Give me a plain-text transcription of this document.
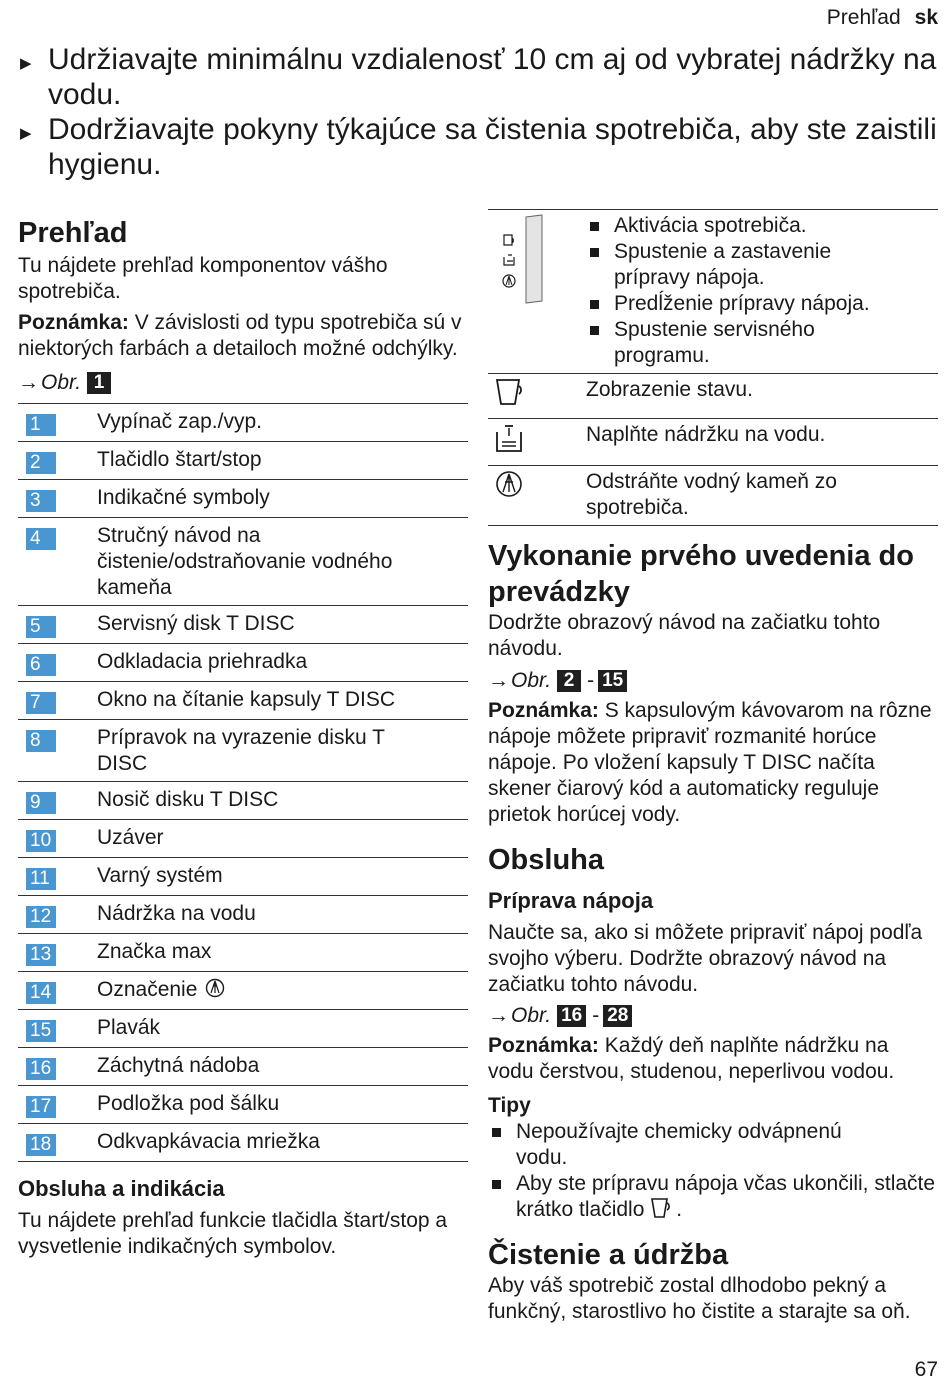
Prehľad sk
▶ Udržiavajte minimálnu vzdialenosť 10 cm aj od vybratej nádržky na vodu.
▶ Dodržiavajte pokyny týkajúce sa čistenia spotrebiča, aby ste zaistili hygienu.
Prehľad

Tu nájdete prehľad komponentov vášho spotrebiča.

Poznámka: V závislosti od typu spotrebiča sú v niektorých farbách a detailoch možné odchýlky.

→ Obr. 1
1	Vypínač zap./vyp.
2	Tlačidlo štart/stop
3	Indikačné symboly
4	Stručný návod na čistenie/odstraňovanie vodného kameňa
5	Servisný disk T DISC
6	Odkladacia priehradka
7	Okno na čítanie kapsuly T DISC
8	Prípravok na vyrazenie disku T DISC
9	Nosič disku T DISC
10	Uzáver
11	Varný systém
12	Nádržka na vodu
13	Značka max
14	Označenie
15	Plavák
16	Záchytná nádoba
17	Podložka pod šálku
18	Odkvapkávacia mriežka
Obsluha a indikácia

Tu nájdete prehľad funkcie tlačidla štart/stop a vysvetlenie indikačných symbolov.

Aktivácia spotrebiča.
Spustenie a zastavenie prípravy nápoja.
Predĺženie prípravy nápoja.
Spustenie servisného programu.
Zobrazenie stavu.
Naplňte nádržku na vodu.
Odstráňte vodný kameň zo spotrebiča.
Vykonanie prvého uvedenia do prevádzky

Dodržte obrazový návod na začiatku tohto návodu.

→ Obr. 2 - 15

Poznámka: S kapsulovým kávovarom na rôzne nápoje môžete pripraviť rozmanité horúce nápoje. Po vložení kapsuly T DISC načíta skener čiarový kód a automaticky reguluje prietok horúcej vody.

Obsluha
Príprava nápoja

Naučte sa, ako si môžete pripraviť nápoj podľa svojho výberu. Dodržte obrazový návod na začiatku tohto návodu.

→ Obr. 16 - 28

Poznámka: Každý deň naplňte nádržku na vodu čerstvou, studenou, neperlivou vodou.

Tipy
Nepoužívajte chemicky odvápnenú vodu.
Aby ste prípravu nápoja včas ukončili, stlačte krátko tlačidlo .
Čistenie a údržba

Aby váš spotrebič zostal dlhodobo pekný a funkčný, starostlivo ho čistite a starajte sa oň.

67
